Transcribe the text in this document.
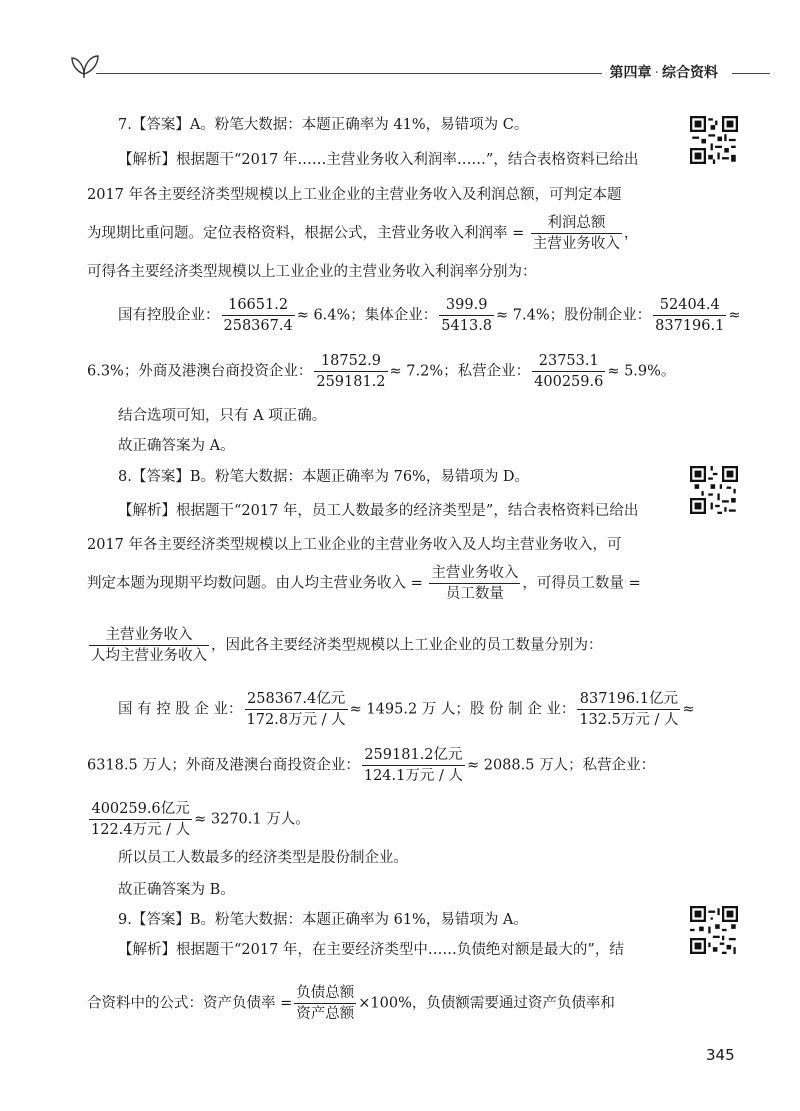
第四章 · 综合资料
7.【答案】A。粉笔大数据：本题正确率为 41%，易错项为 C。
【解析】根据题干“2017 年……主营业务收入利润率……”，结合表格资料已给出
2017 年各主要经济类型规模以上工业企业的主营业务收入及利润总额，可判定本题
为现期比重问题。定位表格资料，根据公式，主营业务收入利润率 = $\frac{\text{利润总额}}{\text{主营业务收入}}$ ，
可得各主要经济类型规模以上工业企业的主营业务收入利润率分别为：
国有控股企业： $\frac{16651.2}{258367.4} \approx 6.4\%$；集体企业： $\frac{399.9}{5413.8} \approx 7.4\%$；股份制企业： $\frac{52404.4}{837196.1}$ ≈
6.3%；外商及港澳台商投资企业： $\frac{18752.9}{259181.2} \approx 7.2\%$；私营企业： $\frac{23753.1}{400259.6} \approx 5.9\%$。
结合选项可知，只有 A 项正确。
故正确答案为 A。
8.【答案】B。粉笔大数据：本题正确率为 76%，易错项为 D。
【解析】根据题干“2017 年，员工人数最多的经济类型是”，结合表格资料已给出
2017 年各主要经济类型规模以上工业企业的主营业务收入及人均主营业务收入，可
判定本题为现期平均数问题。由人均主营业务收入 = $\frac{\text{主营业务收入}}{\text{员工数量}}$ ，可得员工数量 =
$\frac{\text{主营业务收入}}{\text{人均主营业务收入}}$ ，因此各主要经济类型规模以上工业企业的员工数量分别为：
国 有 控 股 企 业： $\frac{\text{258367.4亿元}}{\text{172.8万元 / 人}} \approx 1495.2$ 万 人；股 份 制 企 业： $\frac{\text{837196.1亿元}}{\text{132.5万元 / 人}}$ ≈
6318.5 万人；外商及港澳台商投资企业： $\frac{\text{259181.2亿元}}{\text{124.1万元 / 人}} \approx 2088.5$ 万人；私营企业：
$\frac{\text{400259.6亿元}}{\text{122.4万元 / 人}} \approx 3270.1$ 万人。
所以员工人数最多的经济类型是股份制企业。
故正确答案为 B。
9.【答案】B。粉笔大数据：本题正确率为 61%，易错项为 A。
【解析】根据题干“2017 年，在主要经济类型中……负债绝对额是最大的”，结
合资料中的公式：资产负债率 = $\frac{\text{负债总额}}{\text{资产总额}} \times 100\%$，负债额需要通过资产负债率和
345
